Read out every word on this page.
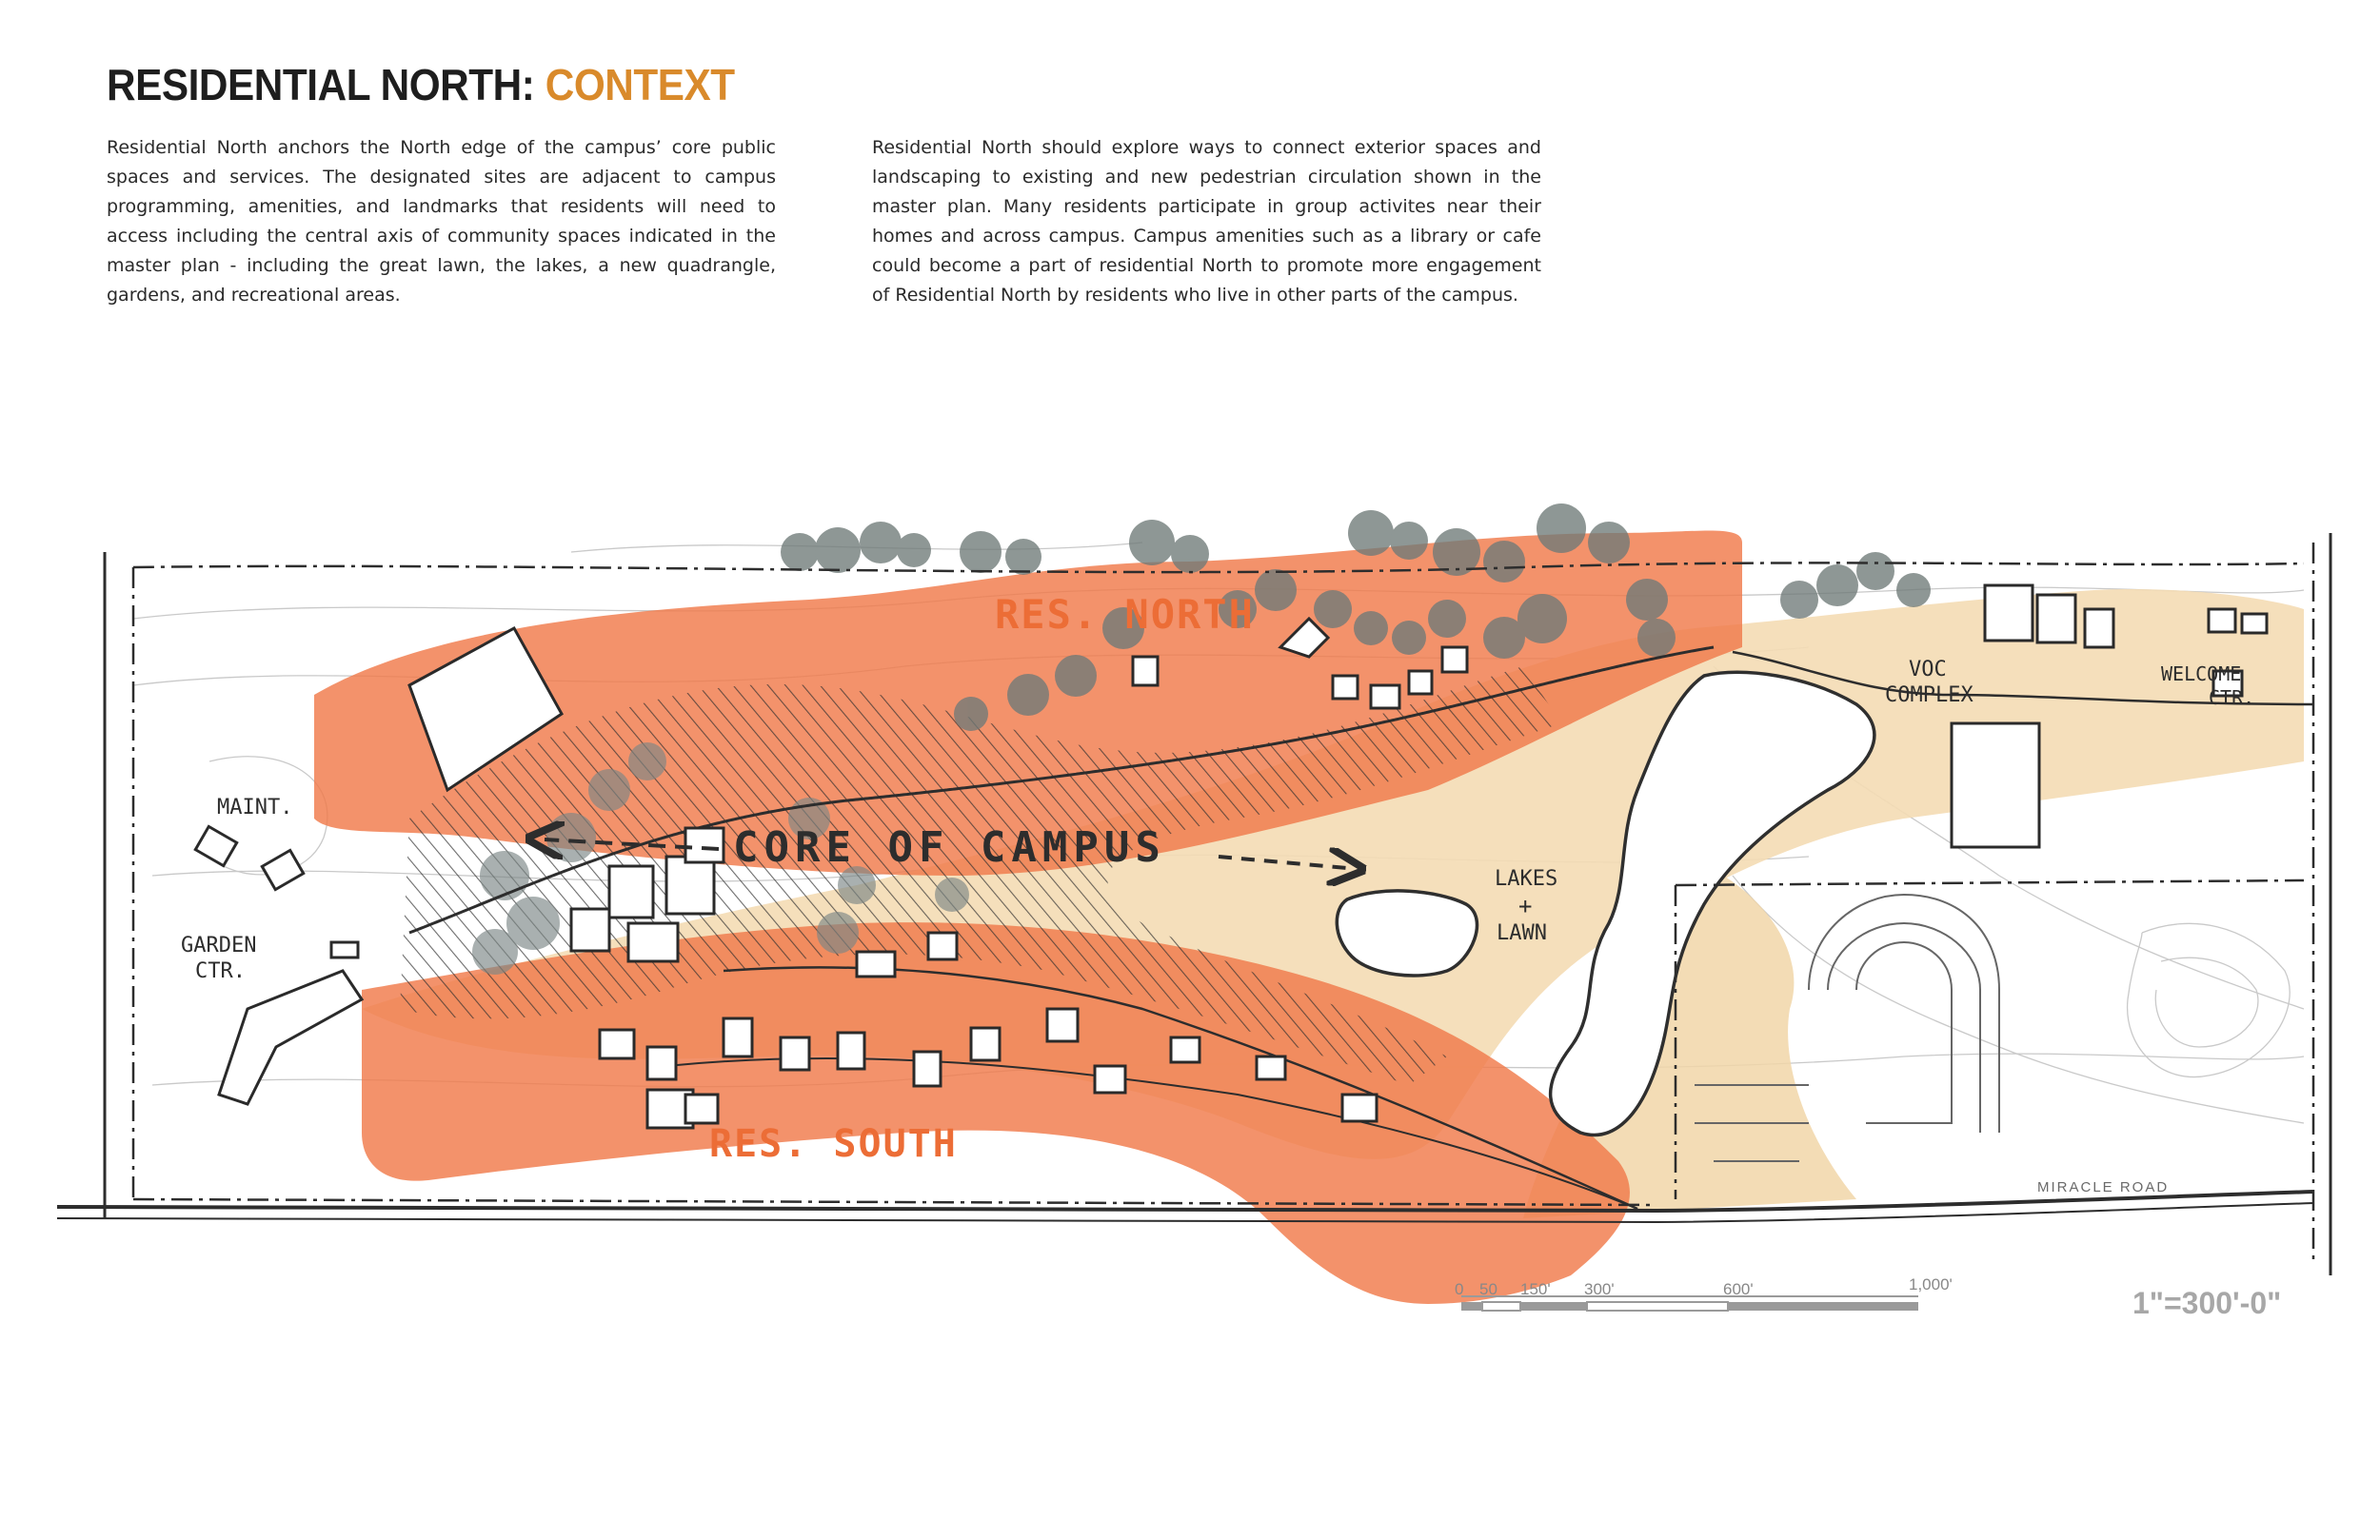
RESIDENTIAL NORTH: CONTEXT

Residential North anchors the North edge of the campus’ core public spaces and services. The designated sites are adjacent to campus programming, amenities, and landmarks that residents will need to access including the central axis of community spaces indicated in the master plan - including the great lawn, the lakes, a new quadrangle, gardens, and recreational areas.

Residential North should explore ways to connect exterior spaces and landscaping to existing and new pedestrian circulation shown in the master plan. Many residents participate in group activites near their homes and across campus. Campus amenities such as a library or cafe could become a part of residential North to promote more engagement of Residential North by residents who live in other parts of the campus.

RES. NORTH
RES. SOUTH
CORE OF CAMPUS
LAKES
+
LAWN
MAINT.
GARDEN
CTR.
VOC
COMPLEX
WELCOME
CTR.
MIRACLE ROAD
0 50 150' 300'	600'	1,000'
1"=300'-0"
